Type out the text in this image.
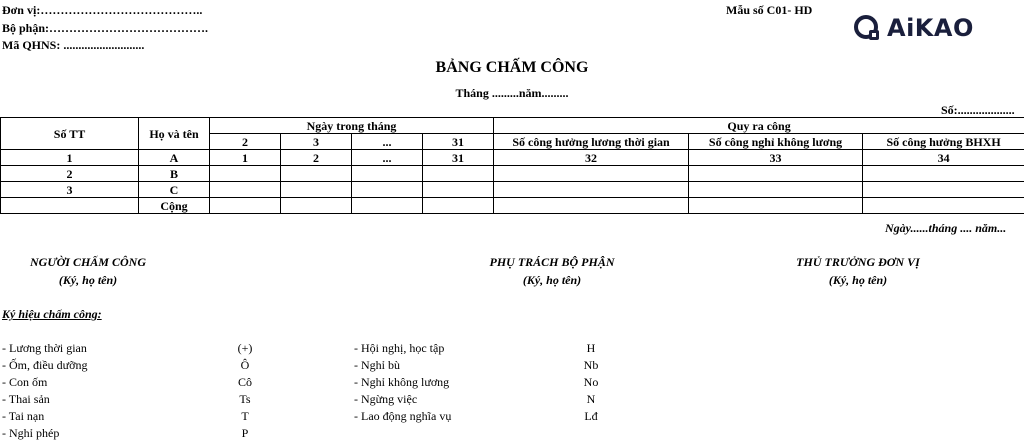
Đơn vị:…………………………………..
Bộ phận:………………………………….
Mã QHNS: ...........................
Mẫu số C01- HD
AiKAO
BẢNG CHẤM CÔNG
Tháng .........năm.........
Số:...................
Số TT	Họ và tên	Ngày trong tháng				Quy ra công		
		2	3	...	31	Số công hưởng lương thời gian	Số công nghỉ không lương	Số công hưởng BHXH
1	A	1	2	...	31	32	33	34
2	B							
3	C							
	Cộng							
Ngày......tháng .... năm...
NGƯỜI CHẤM CÔNG
(Ký, họ tên)
PHỤ TRÁCH BỘ PHẬN
(Ký, họ tên)
THỦ TRƯỞNG ĐƠN VỊ
(Ký, họ tên)
Ký hiệu chấm công:
- Lương thời gian	(+)
- Ốm, điều dưỡng	Ô
- Con ốm	Cô
- Thai sản	Ts
- Tai nạn	T
- Nghỉ phép	P
- Hội nghị, học tập	H
- Nghỉ bù	Nb
- Nghỉ không lương	No
- Ngừng việc	N
- Lao động nghĩa vụ	Lđ
